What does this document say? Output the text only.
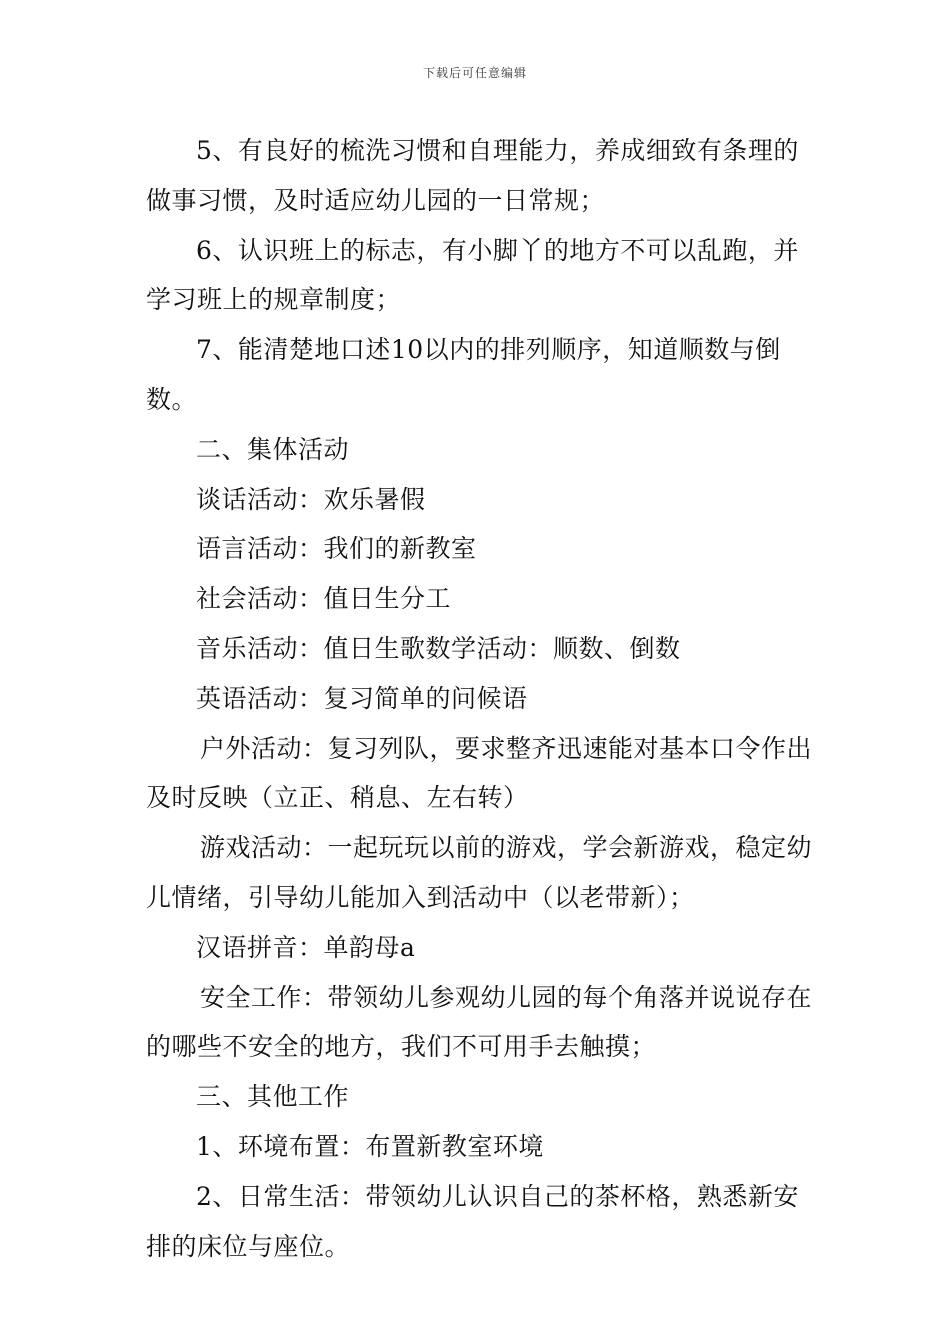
下载后可任意编辑

5、有良好的梳洗习惯和自理能力，养成细致有条理的做事习惯，及时适应幼儿园的一日常规；

6、认识班上的标志，有小脚丫的地方不可以乱跑，并学习班上的规章制度；

7、能清楚地口述10以内的排列顺序，知道顺数与倒数。

二、集体活动

谈话活动：欢乐暑假

语言活动：我们的新教室

社会活动：值日生分工

音乐活动：值日生歌数学活动：顺数、倒数

英语活动：复习简单的问候语

户外活动：复习列队，要求整齐迅速能对基本口令作出及时反映（立正、稍息、左右转）

游戏活动：一起玩玩以前的游戏，学会新游戏，稳定幼儿情绪，引导幼儿能加入到活动中（以老带新）；

汉语拼音：单韵母a

安全工作：带领幼儿参观幼儿园的每个角落并说说存在的哪些不安全的地方，我们不可用手去触摸；

三、其他工作

1、环境布置：布置新教室环境

2、日常生活：带领幼儿认识自己的茶杯格，熟悉新安排的床位与座位。
